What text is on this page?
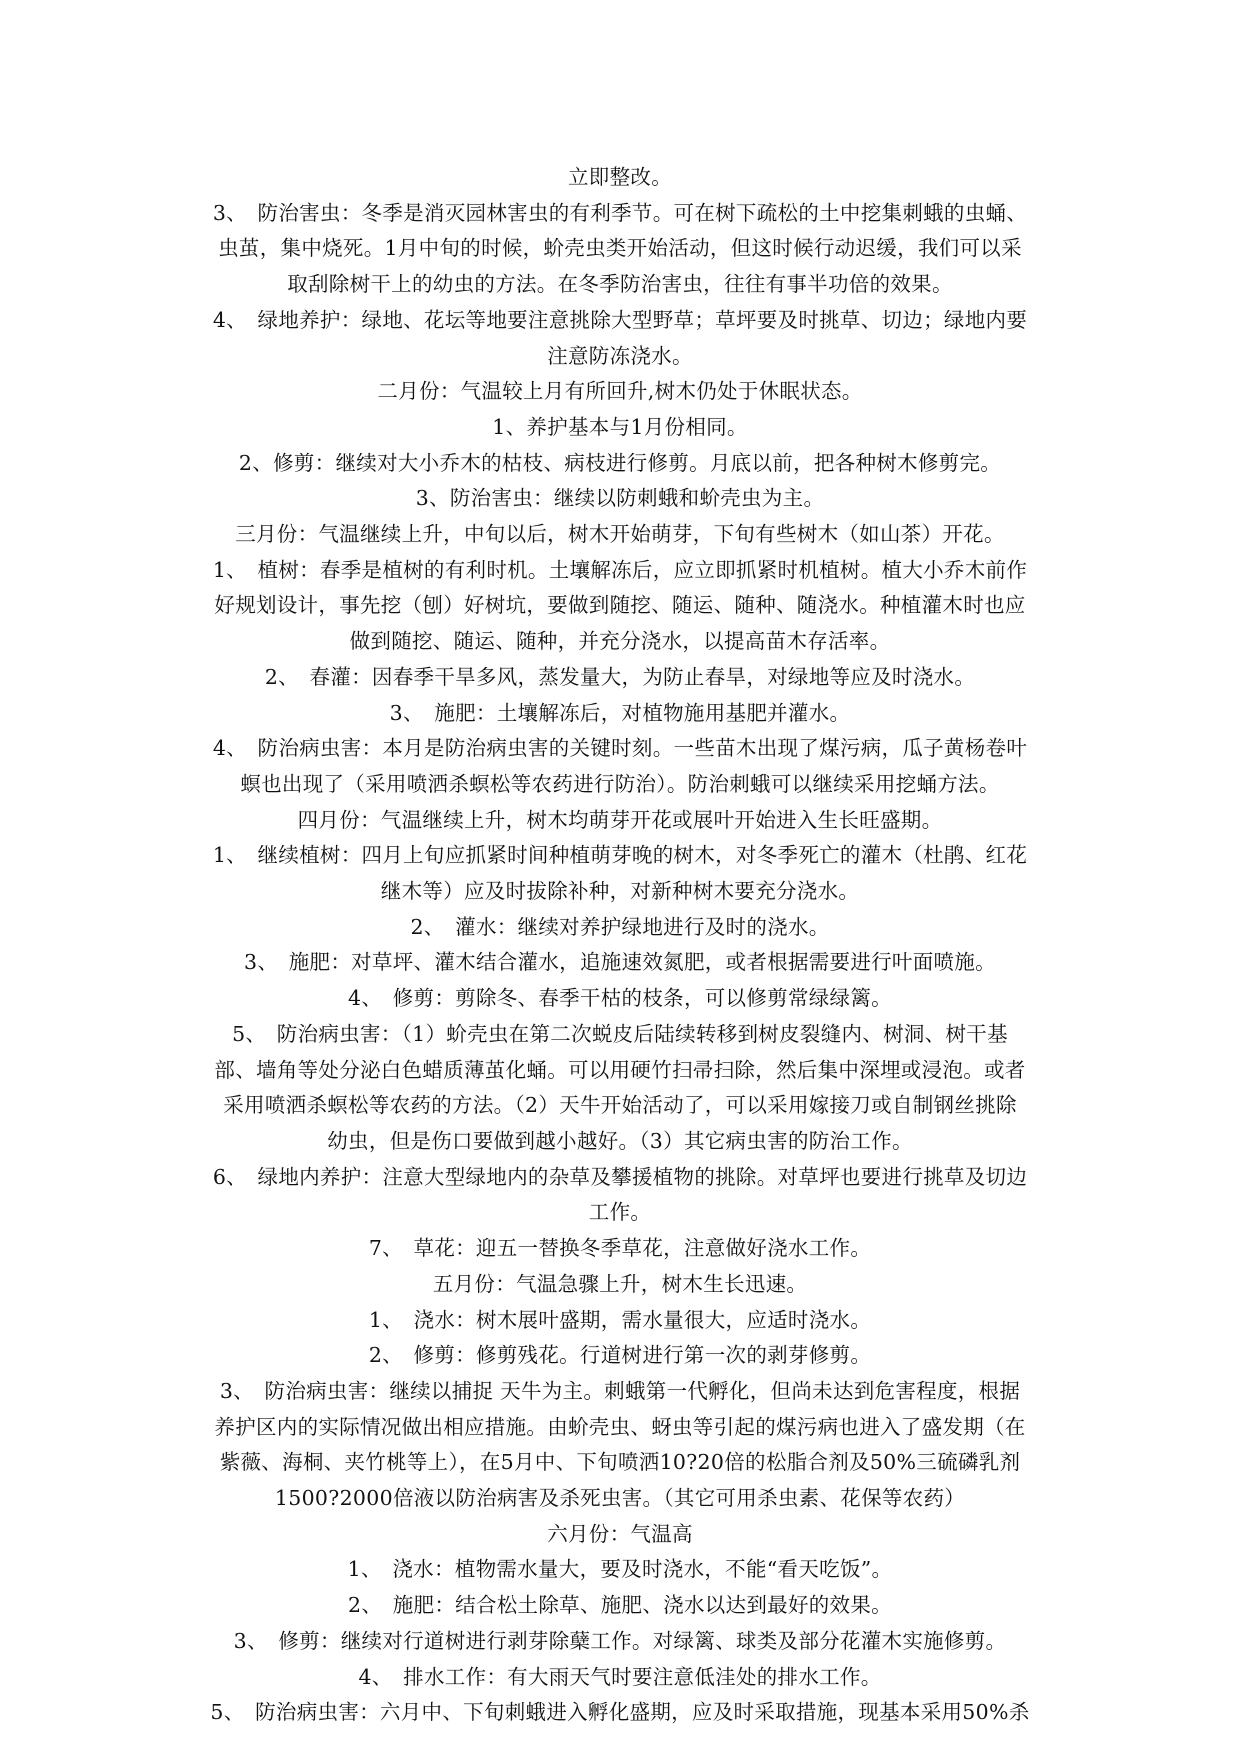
立即整改。
3、　防治害虫：冬季是消灭园林害虫的有利季节。可在树下疏松的土中挖集刺蛾的虫蛹、
虫茧，集中烧死。1月中旬的时候，蚧壳虫类开始活动，但这时候行动迟缓，我们可以采
取刮除树干上的幼虫的方法。在冬季防治害虫，往往有事半功倍的效果。
4、　绿地养护：绿地、花坛等地要注意挑除大型野草；草坪要及时挑草、切边；绿地内要
注意防冻浇水。
二月份：气温较上月有所回升,树木仍处于休眠状态。
1、养护基本与1月份相同。
2、修剪：继续对大小乔木的枯枝、病枝进行修剪。月底以前，把各种树木修剪完。
3、防治害虫：继续以防刺蛾和蚧壳虫为主。
三月份：气温继续上升，中旬以后，树木开始萌芽，下旬有些树木（如山茶）开花。
1、　植树：春季是植树的有利时机。土壤解冻后，应立即抓紧时机植树。植大小乔木前作
好规划设计，事先挖（刨）好树坑，要做到随挖、随运、随种、随浇水。种植灌木时也应
做到随挖、随运、随种，并充分浇水，以提高苗木存活率。
2、　春灌：因春季干旱多风，蒸发量大，为防止春旱，对绿地等应及时浇水。
3、　施肥：土壤解冻后，对植物施用基肥并灌水。
4、　防治病虫害：本月是防治病虫害的关键时刻。一些苗木出现了煤污病，瓜子黄杨卷叶
螟也出现了（采用喷洒杀螟松等农药进行防治）。防治刺蛾可以继续采用挖蛹方法。
四月份：气温继续上升，树木均萌芽开花或展叶开始进入生长旺盛期。
1、　继续植树：四月上旬应抓紧时间种植萌芽晚的树木，对冬季死亡的灌木（杜鹃、红花
继木等）应及时拔除补种，对新种树木要充分浇水。
2、　灌水：继续对养护绿地进行及时的浇水。
3、　施肥：对草坪、灌木结合灌水，追施速效氮肥，或者根据需要进行叶面喷施。
4、　修剪：剪除冬、春季干枯的枝条，可以修剪常绿绿篱。
5、　防治病虫害：（1）蚧壳虫在第二次蜕皮后陆续转移到树皮裂缝内、树洞、树干基
部、墙角等处分泌白色蜡质薄茧化蛹。可以用硬竹扫帚扫除，然后集中深埋或浸泡。或者
采用喷洒杀螟松等农药的方法。（2）天牛开始活动了，可以采用嫁接刀或自制钢丝挑除
幼虫，但是伤口要做到越小越好。（3）其它病虫害的防治工作。
6、　绿地内养护：注意大型绿地内的杂草及攀援植物的挑除。对草坪也要进行挑草及切边
工作。
7、　草花：迎五一替换冬季草花，注意做好浇水工作。
五月份：气温急骤上升，树木生长迅速。
1、　浇水：树木展叶盛期，需水量很大，应适时浇水。
2、　修剪：修剪残花。行道树进行第一次的剥芽修剪。
3、　防治病虫害：继续以捕捉 天牛为主。刺蛾第一代孵化，但尚未达到危害程度，根据
养护区内的实际情况做出相应措施。由蚧壳虫、蚜虫等引起的煤污病也进入了盛发期（在
紫薇、海桐、夹竹桃等上），在5月中、下旬喷洒10?20倍的松脂合剂及50%三硫磷乳剂
1500?2000倍液以防治病害及杀死虫害。（其它可用杀虫素、花保等农药）
六月份：气温高
1、　浇水：植物需水量大，要及时浇水，不能“看天吃饭”。
2、　施肥：结合松土除草、施肥、浇水以达到最好的效果。
3、　修剪：继续对行道树进行剥芽除蘖工作。对绿篱、球类及部分花灌木实施修剪。
4、　排水工作：有大雨天气时要注意低洼处的排水工作。
5、　防治病虫害：六月中、下旬刺蛾进入孵化盛期，应及时采取措施，现基本采用50%杀
